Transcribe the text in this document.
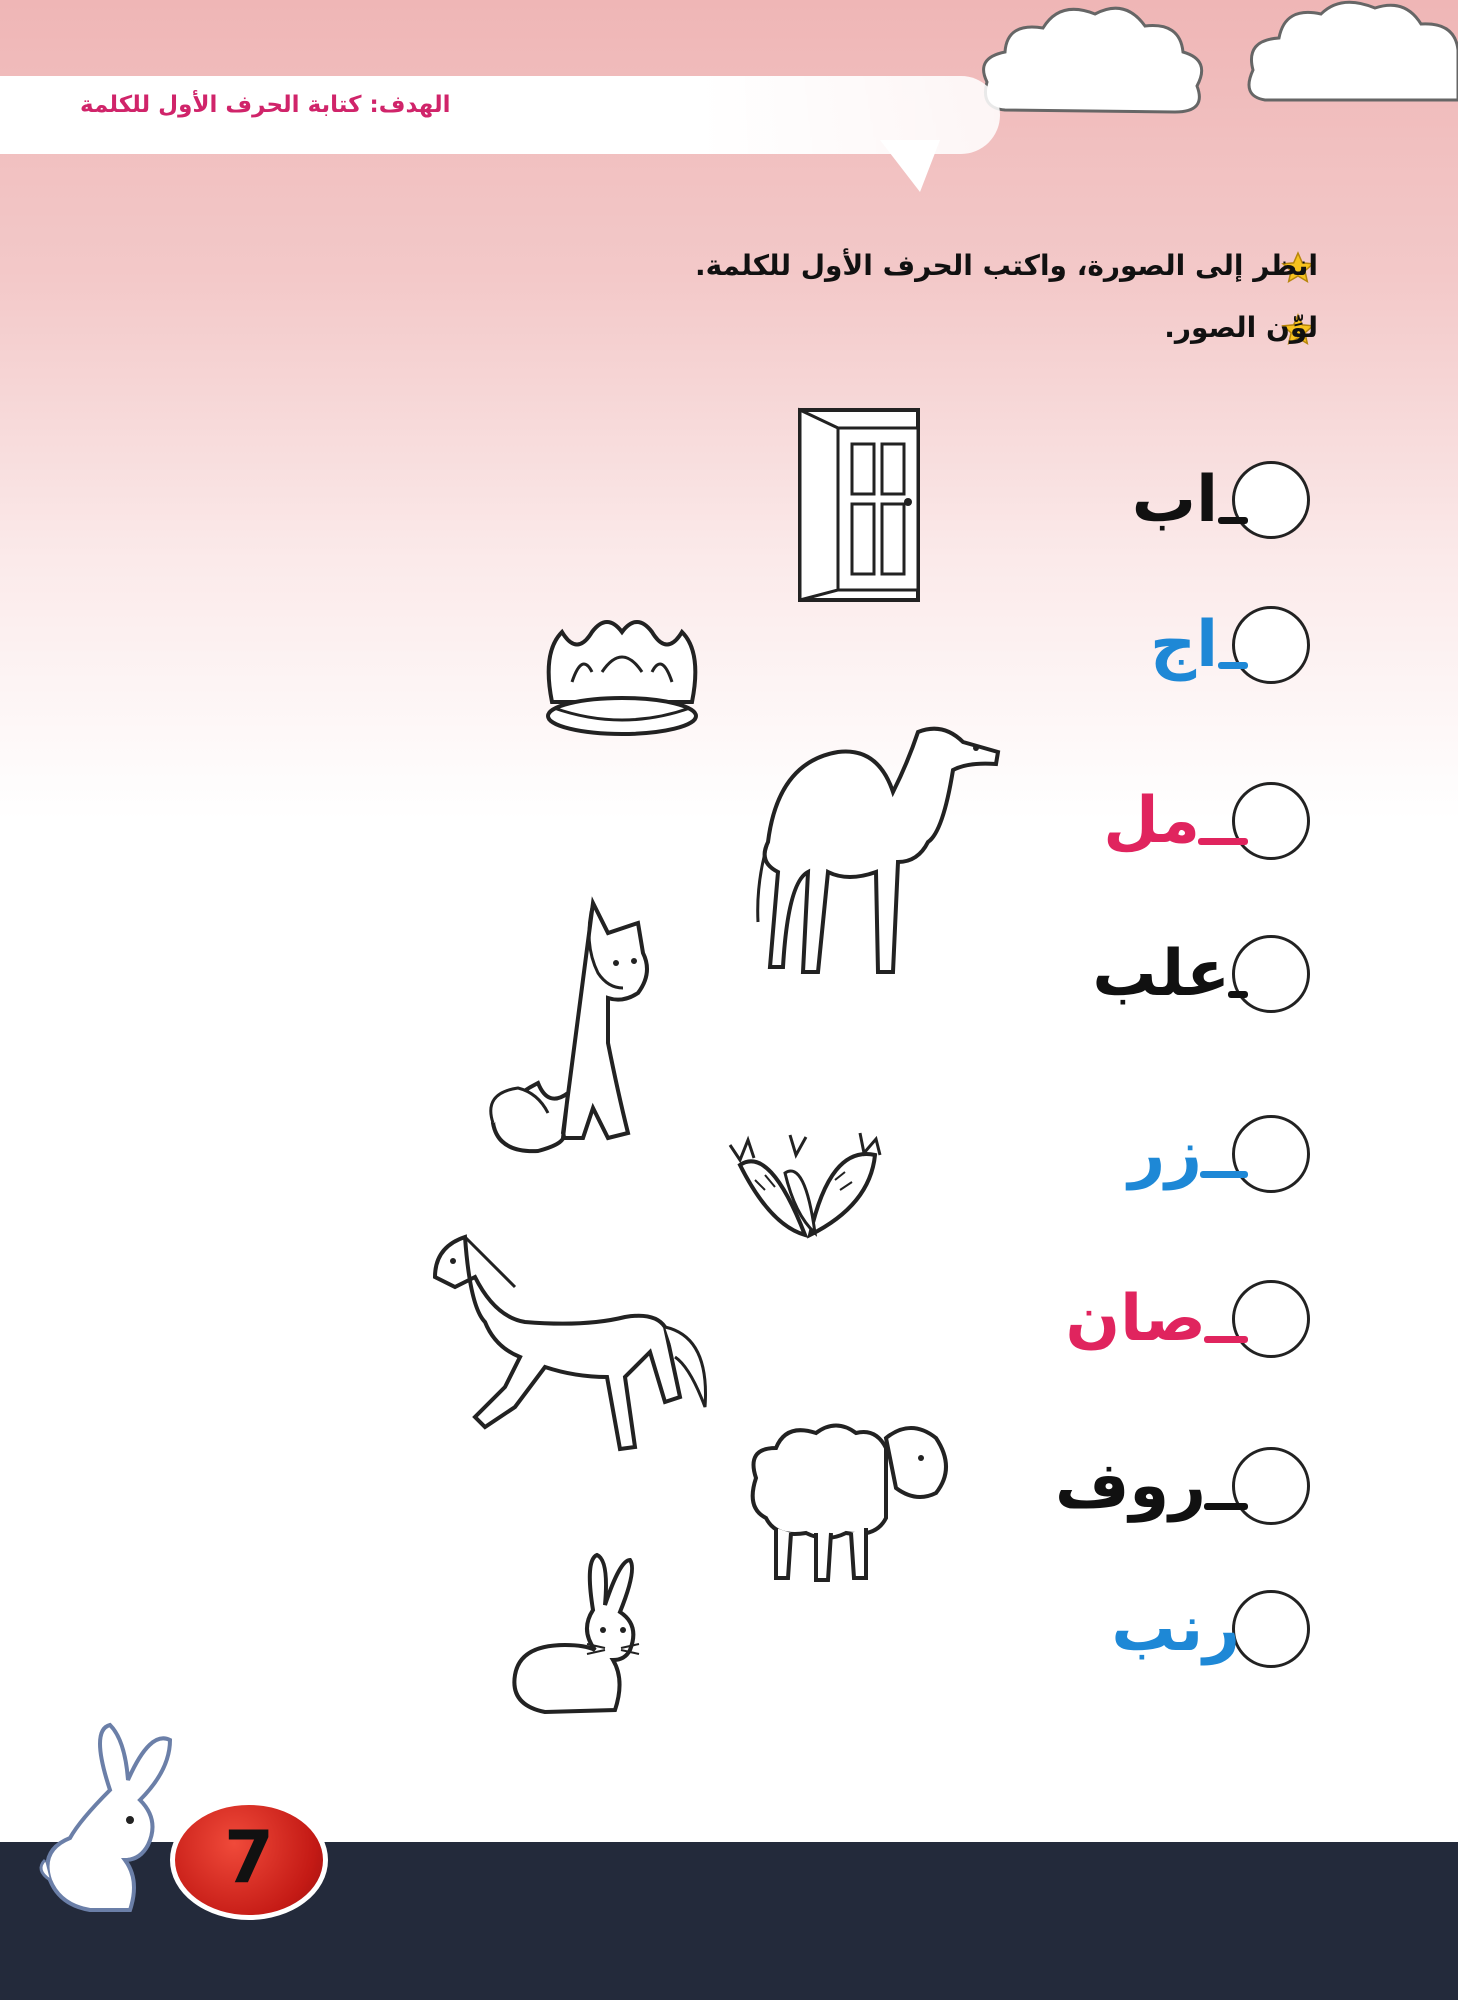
الهدف: كتابة الحرف الأول للكلمة
انظر إلى الصورة، واكتب الحرف الأول للكلمة.
لوِّن الصور.
اب
اج
مل
علب
زر
صان
روف
رنب
7
